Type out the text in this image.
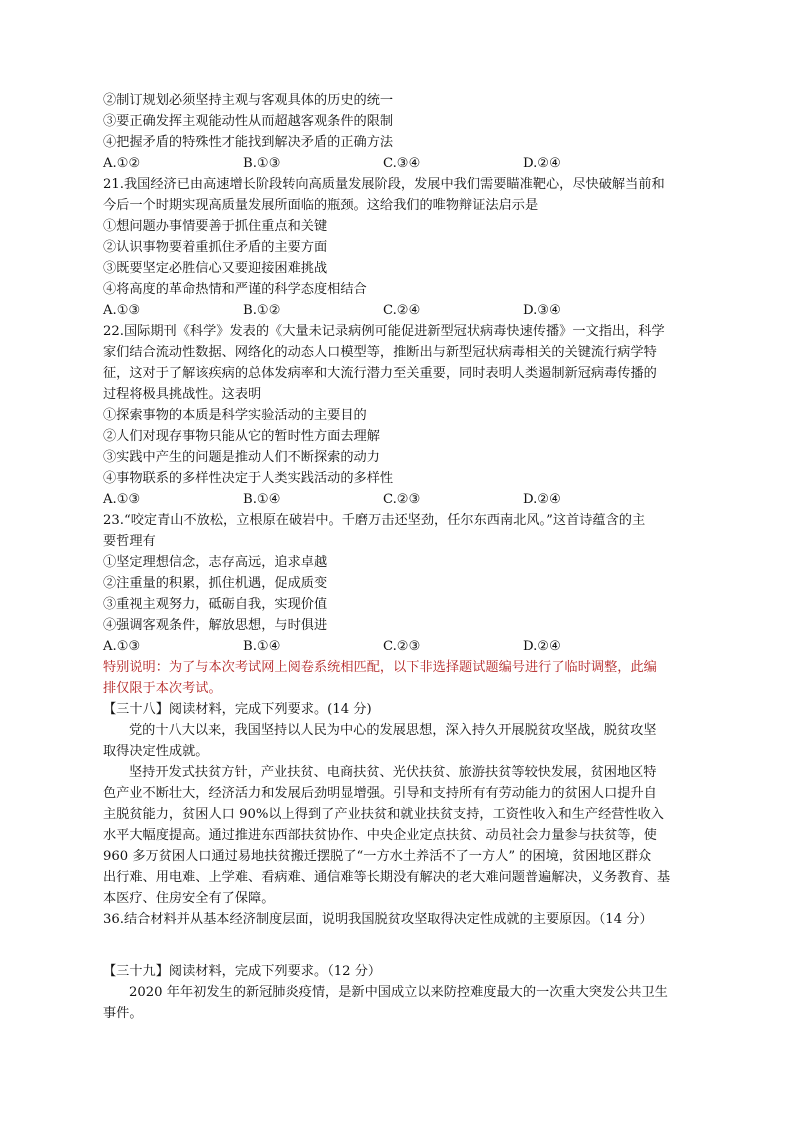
②制订规划必须坚持主观与客观具体的历史的统一
③要正确发挥主观能动性从而超越客观条件的限制
④把握矛盾的特殊性才能找到解决矛盾的正确方法
A.①②	B.①③	C.③④	D.②④
21.我国经济已由高速增长阶段转向高质量发展阶段，发展中我们需要瞄准靶心，尽快破解当前和
今后一个时期实现高质量发展所面临的瓶颈。这给我们的唯物辩证法启示是
①想问题办事情要善于抓住重点和关键
②认识事物要着重抓住矛盾的主要方面
③既要坚定必胜信心又要迎接困难挑战
④将高度的革命热情和严谨的科学态度相结合
A.①③	B.①②	C.②④	D.③④
22.国际期刊《科学》发表的《大量未记录病例可能促进新型冠状病毒快速传播》一文指出，科学
家们结合流动性数据、网络化的动态人口模型等，推断出与新型冠状病毒相关的关键流行病学特
征，这对于了解该疾病的总体发病率和大流行潜力至关重要，同时表明人类遏制新冠病毒传播的
过程将极具挑战性。这表明
①探索事物的本质是科学实验活动的主要目的
②人们对现存事物只能从它的暂时性方面去理解
③实践中产生的问题是推动人们不断探索的动力
④事物联系的多样性决定于人类实践活动的多样性
A.①③	B.①④	C.②③	D.②④
23.“咬定青山不放松，立根原在破岩中。千磨万击还坚劲，任尔东西南北风。”这首诗蕴含的主
要哲理有
①坚定理想信念，志存高远，追求卓越
②注重量的积累，抓住机遇，促成质变
③重视主观努力，砥砺自我，实现价值
④强调客观条件，解放思想，与时俱进
A.①③	B.①④	C.②③	D.②④
特别说明：为了与本次考试网上阅卷系统相匹配，以下非选择题试题编号进行了临时调整，此编
排仅限于本次考试。
【三十八】阅读材料，完成下列要求。(14 分)
党的十八大以来，我国坚持以人民为中心的发展思想，深入持久开展脱贫攻坚战，脱贫攻坚
取得决定性成就。
坚持开发式扶贫方针，产业扶贫、电商扶贫、光伏扶贫、旅游扶贫等较快发展，贫困地区特
色产业不断壮大，经济活力和发展后劲明显增强。引导和支持所有有劳动能力的贫困人口提升自
主脱贫能力，贫困人口 90%以上得到了产业扶贫和就业扶贫支持，工资性收入和生产经营性收入
水平大幅度提高。通过推进东西部扶贫协作、中央企业定点扶贫、动员社会力量参与扶贫等，使
960 多万贫困人口通过易地扶贫搬迁摆脱了“一方水土养活不了一方人” 的困境，贫困地区群众
出行难、用电难、上学难、看病难、通信难等长期没有解决的老大难问题普遍解决，义务教育、基
本医疗、住房安全有了保障。
36.结合材料并从基本经济制度层面，说明我国脱贫攻坚取得决定性成就的主要原因。（14 分）
【三十九】阅读材料，完成下列要求。（12 分）
2020 年年初发生的新冠肺炎疫情，是新中国成立以来防控难度最大的一次重大突发公共卫生
事件。
